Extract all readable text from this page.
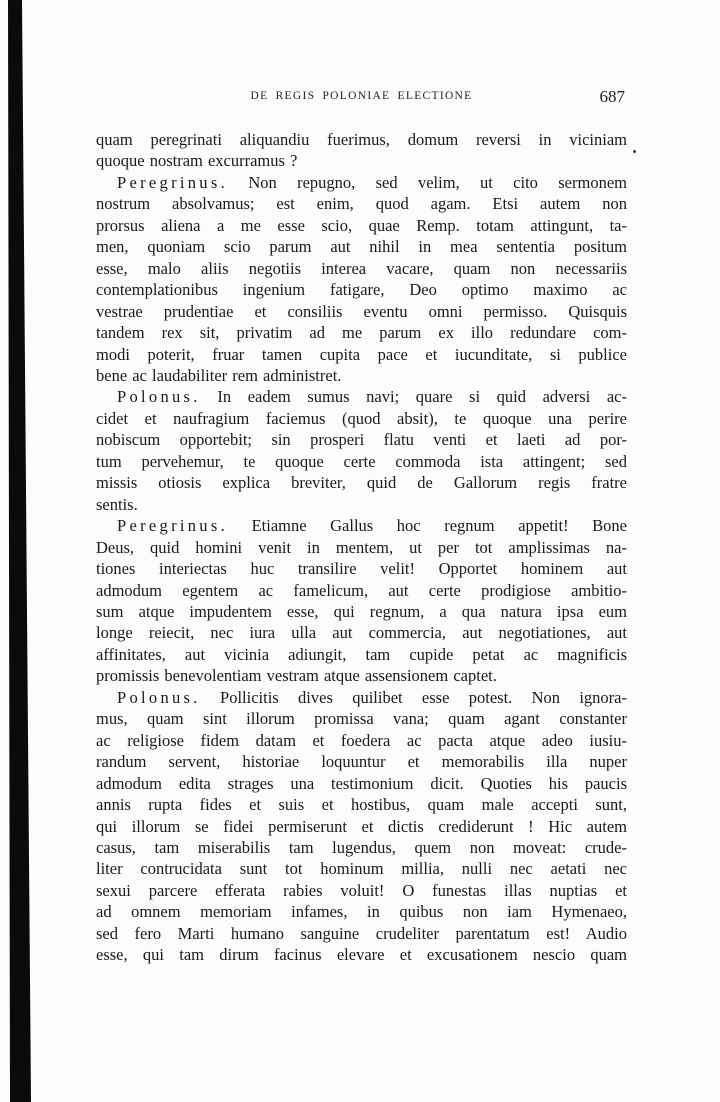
DE REGIS POLONIAE ELECTIONE	687
quam peregrinati aliquandiu fuerimus, domum reversi in viciniam
quoque nostram excurramus ?
Peregrinus. Non repugno, sed velim, ut cito sermonem
nostrum absolvamus; est enim, quod agam. Etsi autem non
prorsus aliena a me esse scio, quae Remp. totam attingunt, ta-
men, quoniam scio parum aut nihil in mea sententia positum
esse, malo aliis negotiis interea vacare, quam non necessariis
contemplationibus ingenium fatigare, Deo optimo maximo ac
vestrae prudentiae et consiliis eventu omni permisso. Quisquis
tandem rex sit, privatim ad me parum ex illo redundare com-
modi poterit, fruar tamen cupita pace et iucunditate, si publice
bene ac laudabiliter rem administret.
Polonus. In eadem sumus navi; quare si quid adversi ac-
cidet et naufragium faciemus (quod absit), te quoque una perire
nobiscum opportebit; sin prosperi flatu venti et laeti ad por-
tum pervehemur, te quoque certe commoda ista attingent; sed
missis otiosis explica breviter, quid de Gallorum regis fratre
sentis.
Peregrinus. Etiamne Gallus hoc regnum appetit! Bone
Deus, quid homini venit in mentem, ut per tot amplissimas na-
tiones interiectas huc transilire velit! Opportet hominem aut
admodum egentem ac famelicum, aut certe prodigiose ambitio-
sum atque impudentem esse, qui regnum, a qua natura ipsa eum
longe reiecit, nec iura ulla aut commercia, aut negotiationes, aut
affinitates, aut vicinia adiungit, tam cupide petat ac magnificis
promissis benevolentiam vestram atque assensionem captet.
Polonus. Pollicitis dives quilibet esse potest. Non ignora-
mus, quam sint illorum promissa vana; quam agant constanter
ac religiose fidem datam et foedera ac pacta atque adeo iusiu-
randum servent, historiae loquuntur et memorabilis illa nuper
admodum edita strages una testimonium dicit. Quoties his paucis
annis rupta fides et suis et hostibus, quam male accepti sunt,
qui illorum se fidei permiserunt et dictis crediderunt ! Hic autem
casus, tam miserabilis tam lugendus, quem non moveat: crude-
liter contrucidata sunt tot hominum millia, nulli nec aetati nec
sexui parcere efferata rabies voluit! O funestas illas nuptias et
ad omnem memoriam infames, in quibus non iam Hymenaeo,
sed fero Marti humano sanguine crudeliter parentatum est! Audio
esse, qui tam dirum facinus elevare et excusationem nescio quam
